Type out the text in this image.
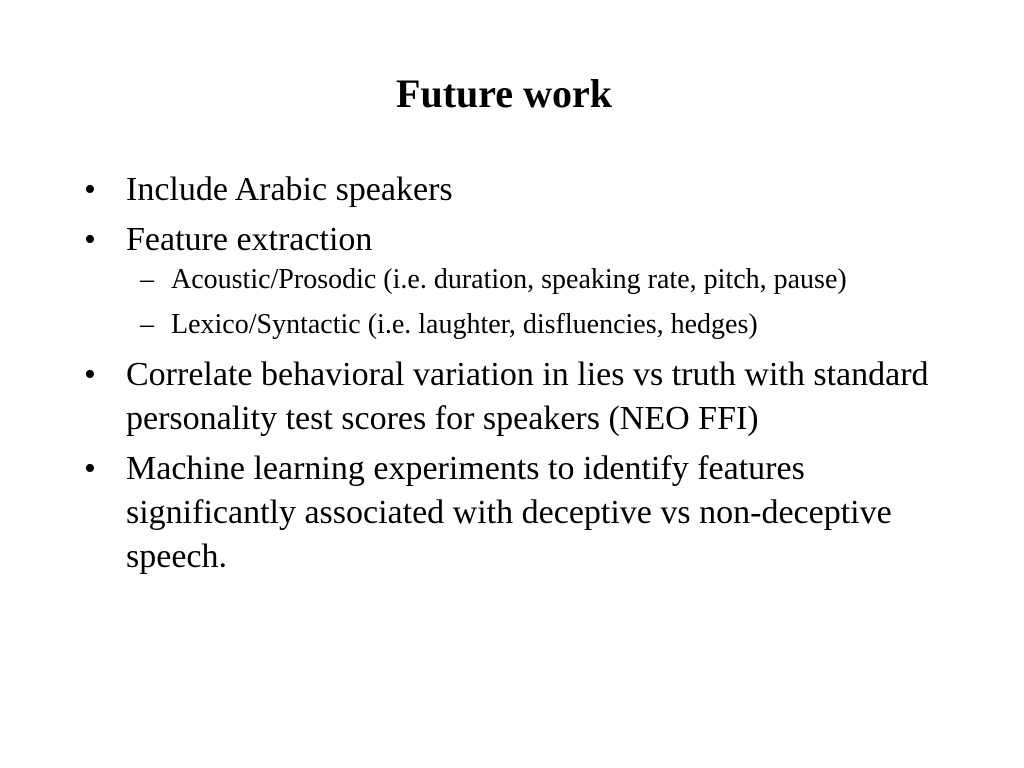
Future work
• Include Arabic speakers
• Feature extraction
– Acoustic/Prosodic (i.e. duration, speaking rate, pitch, pause)
– Lexico/Syntactic (i.e. laughter, disfluencies, hedges)
• Correlate behavioral variation in lies vs truth with standard personality test scores for speakers (NEO FFI)
• Machine learning experiments to identify features significantly associated with deceptive vs non-deceptive speech.
